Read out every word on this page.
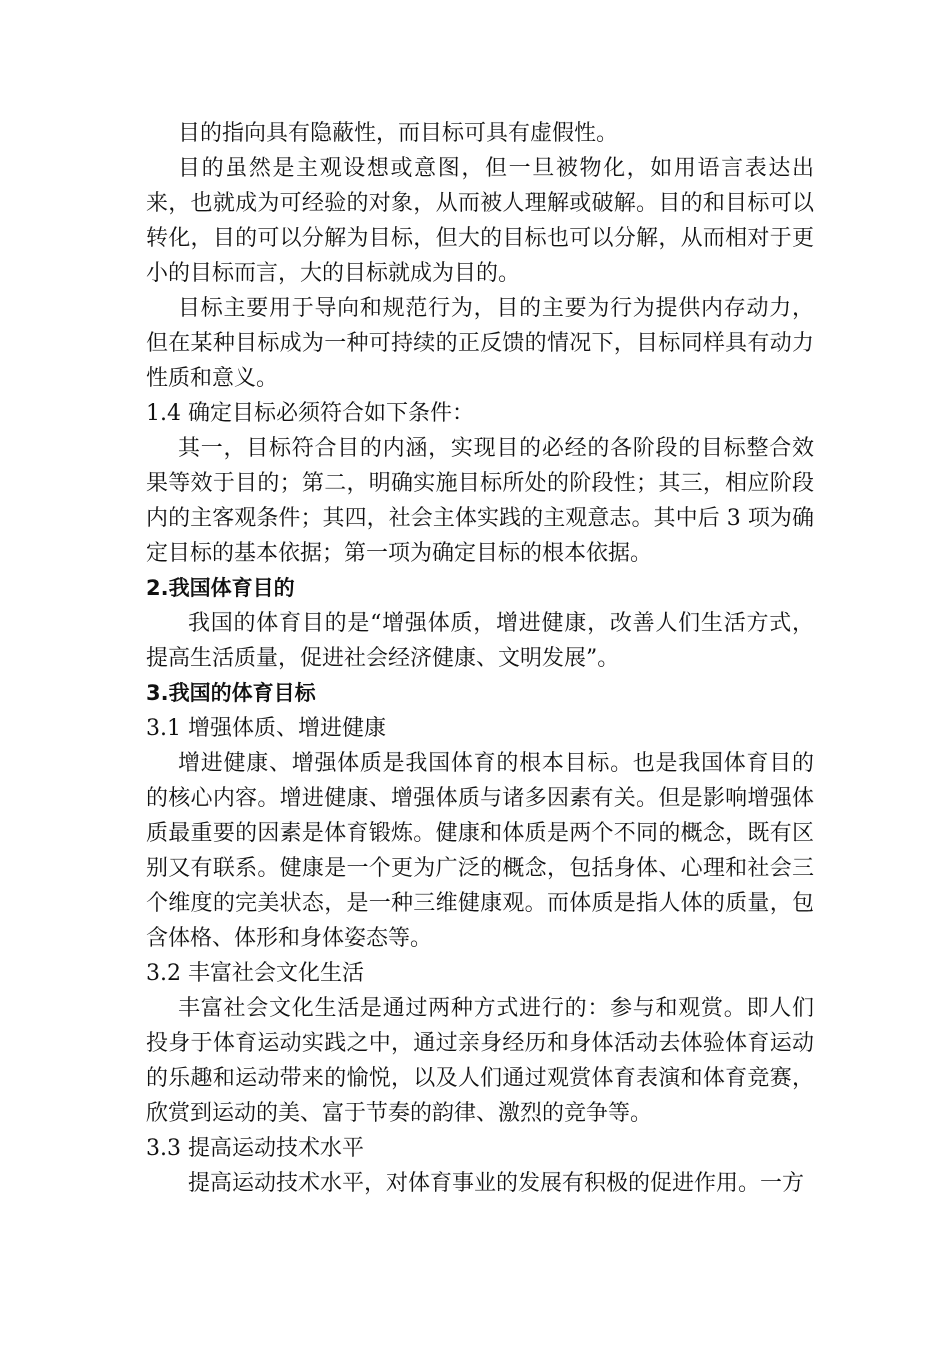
目的指向具有隐蔽性，而目标可具有虚假性。

目的虽然是主观设想或意图，但一旦被物化，如用语言表达出来，也就成为可经验的对象，从而被人理解或破解。目的和目标可以转化，目的可以分解为目标，但大的目标也可以分解，从而相对于更小的目标而言，大的目标就成为目的。

目标主要用于导向和规范行为，目的主要为行为提供内存动力，但在某种目标成为一种可持续的正反馈的情况下，目标同样具有动力性质和意义。

1.4 确定目标必须符合如下条件：

其一，目标符合目的内涵，实现目的必经的各阶段的目标整合效果等效于目的；第二，明确实施目标所处的阶段性；其三，相应阶段内的主客观条件；其四，社会主体实践的主观意志。其中后 3 项为确定目标的基本依据；第一项为确定目标的根本依据。

2.我国体育目的

我国的体育目的是“增强体质，增进健康，改善人们生活方式，提高生活质量，促进社会经济健康、文明发展”。

3.我国的体育目标

3.1 增强体质、增进健康

增进健康、增强体质是我国体育的根本目标。也是我国体育目的的核心内容。增进健康、增强体质与诸多因素有关。但是影响增强体质最重要的因素是体育锻炼。健康和体质是两个不同的概念，既有区别又有联系。健康是一个更为广泛的概念，包括身体、心理和社会三个维度的完美状态，是一种三维健康观。而体质是指人体的质量，包含体格、体形和身体姿态等。

3.2 丰富社会文化生活

丰富社会文化生活是通过两种方式进行的：参与和观赏。即人们投身于体育运动实践之中，通过亲身经历和身体活动去体验体育运动的乐趣和运动带来的愉悦，以及人们通过观赏体育表演和体育竞赛，欣赏到运动的美、富于节奏的韵律、激烈的竞争等。

3.3 提高运动技术水平

提高运动技术水平，对体育事业的发展有积极的促进作用。一方
